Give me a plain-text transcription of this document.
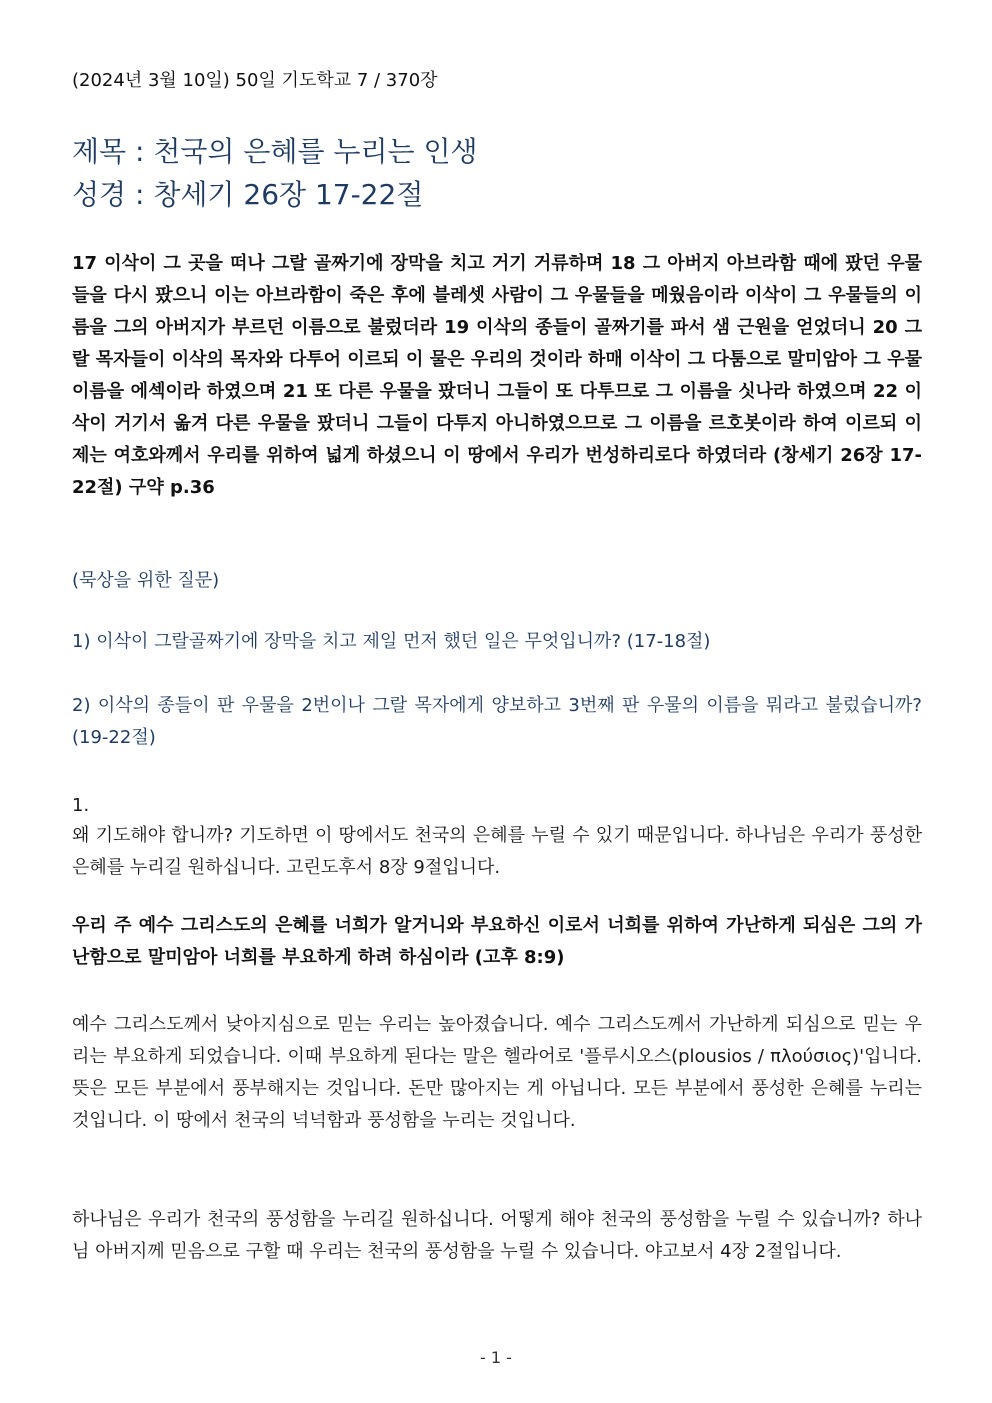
(2024년 3월 10일) 50일 기도학교 7 / 370장
제목 : 천국의 은혜를 누리는 인생
성경 : 창세기 26장 17-22절
17 이삭이 그 곳을 떠나 그랄 골짜기에 장막을 치고 거기 거류하며 18 그 아버지 아브라함 때에 팠던 우물들을 다시 팠으니 이는 아브라함이 죽은 후에 블레셋 사람이 그 우물들을 메웠음이라 이삭이 그 우물들의 이름을 그의 아버지가 부르던 이름으로 불렀더라 19 이삭의 종들이 골짜기를 파서 샘 근원을 얻었더니 20 그랄 목자들이 이삭의 목자와 다투어 이르되 이 물은 우리의 것이라 하매 이삭이 그 다툼으로 말미암아 그 우물 이름을 에섹이라 하였으며 21 또 다른 우물을 팠더니 그들이 또 다투므로 그 이름을 싯나라 하였으며 22 이삭이 거기서 옮겨 다른 우물을 팠더니 그들이 다투지 아니하였으므로 그 이름을 르호봇이라 하여 이르되 이제는 여호와께서 우리를 위하여 넓게 하셨으니 이 땅에서 우리가 번성하리로다 하였더라 (창세기 26장 17-22절) 구약 p.36
(묵상을 위한 질문)
1) 이삭이 그랄골짜기에 장막을 치고 제일 먼저 했던 일은 무엇입니까? (17-18절)
2) 이삭의 종들이 판 우물을 2번이나 그랄 목자에게 양보하고 3번째 판 우물의 이름을 뭐라고 불렀습니까? (19-22절)
1.
왜 기도해야 합니까? 기도하면 이 땅에서도 천국의 은혜를 누릴 수 있기 때문입니다. 하나님은 우리가 풍성한 은혜를 누리길 원하십니다. 고린도후서 8장 9절입니다.
우리 주 예수 그리스도의 은혜를 너희가 알거니와 부요하신 이로서 너희를 위하여 가난하게 되심은 그의 가난함으로 말미암아 너희를 부요하게 하려 하심이라 (고후 8:9)
예수 그리스도께서 낮아지심으로 믿는 우리는 높아졌습니다. 예수 그리스도께서 가난하게 되심으로 믿는 우리는 부요하게 되었습니다. 이때 부요하게 된다는 말은 헬라어로 '플루시오스(plousios / πλούσιος)'입니다. 뜻은 모든 부분에서 풍부해지는 것입니다. 돈만 많아지는 게 아닙니다. 모든 부분에서 풍성한 은혜를 누리는 것입니다. 이 땅에서 천국의 넉넉함과 풍성함을 누리는 것입니다.
하나님은 우리가 천국의 풍성함을 누리길 원하십니다. 어떻게 해야 천국의 풍성함을 누릴 수 있습니까? 하나님 아버지께 믿음으로 구할 때 우리는 천국의 풍성함을 누릴 수 있습니다. 야고보서 4장 2절입니다.
- 1 -
